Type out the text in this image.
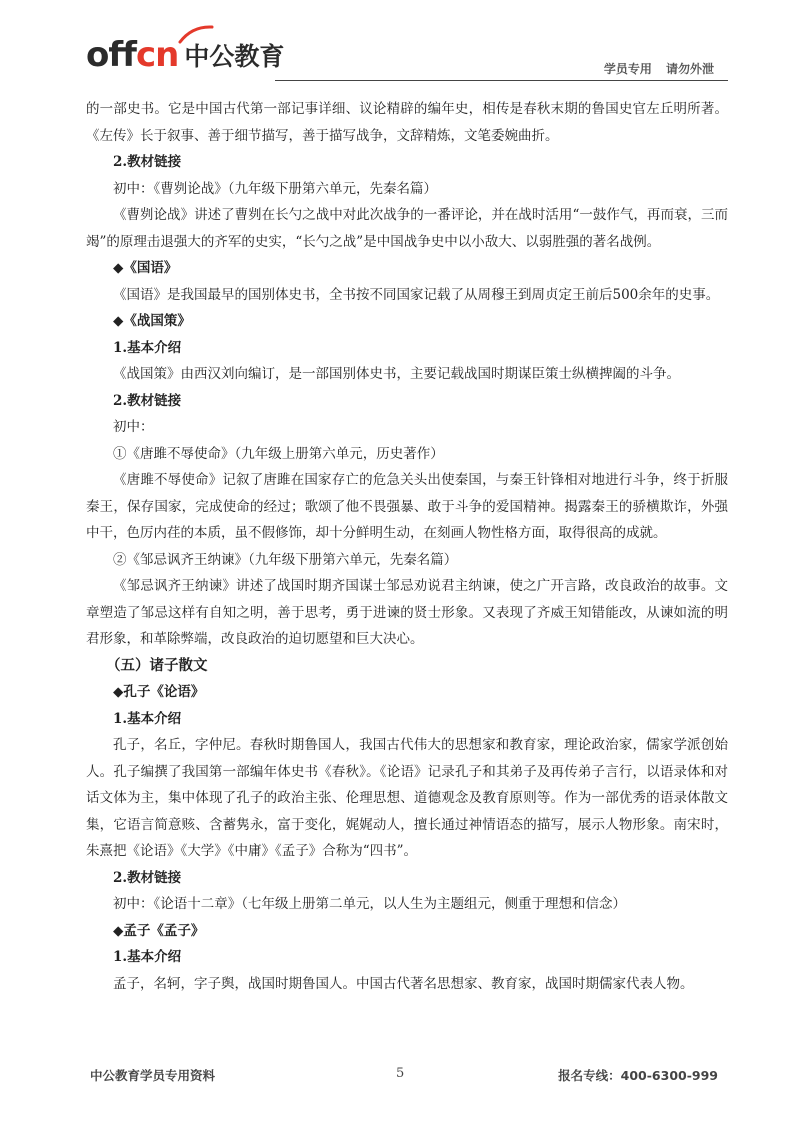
offcn 中公教育	学员专用 请勿外泄

的一部史书。它是中国古代第一部记事详细、议论精辟的编年史，相传是春秋末期的鲁国史官左丘明所著。《左传》长于叙事、善于细节描写，善于描写战争，文辞精炼，文笔委婉曲折。

2.教材链接

初中：《曹刿论战》（九年级下册第六单元，先秦名篇）

《曹刿论战》讲述了曹刿在长勺之战中对此次战争的一番评论，并在战时活用“一鼓作气，再而衰，三而竭”的原理击退强大的齐军的史实，“长勺之战”是中国战争史中以小敌大、以弱胜强的著名战例。

◆《国语》

《国语》是我国最早的国别体史书，全书按不同国家记载了从周穆王到周贞定王前后500余年的史事。

◆《战国策》

1.基本介绍

《战国策》由西汉刘向编订，是一部国别体史书，主要记载战国时期谋臣策士纵横捭阖的斗争。

2.教材链接

初中：

①《唐雎不辱使命》（九年级上册第六单元，历史著作）

《唐雎不辱使命》记叙了唐雎在国家存亡的危急关头出使秦国，与秦王针锋相对地进行斗争，终于折服秦王，保存国家，完成使命的经过；歌颂了他不畏强暴、敢于斗争的爱国精神。揭露秦王的骄横欺诈，外强中干，色厉内荏的本质，虽不假修饰，却十分鲜明生动，在刻画人物性格方面，取得很高的成就。

②《邹忌讽齐王纳谏》（九年级下册第六单元，先秦名篇）

《邹忌讽齐王纳谏》讲述了战国时期齐国谋士邹忌劝说君主纳谏，使之广开言路，改良政治的故事。文章塑造了邹忌这样有自知之明，善于思考，勇于进谏的贤士形象。又表现了齐威王知错能改，从谏如流的明君形象，和革除弊端，改良政治的迫切愿望和巨大决心。

（五）诸子散文

◆孔子《论语》

1.基本介绍

孔子，名丘，字仲尼。春秋时期鲁国人，我国古代伟大的思想家和教育家，理论政治家，儒家学派创始人。孔子编撰了我国第一部编年体史书《春秋》。《论语》记录孔子和其弟子及再传弟子言行，以语录体和对话文体为主，集中体现了孔子的政治主张、伦理思想、道德观念及教育原则等。作为一部优秀的语录体散文集，它语言简意赅、含蓄隽永，富于变化，娓娓动人，擅长通过神情语态的描写，展示人物形象。南宋时，朱熹把《论语》《大学》《中庸》《孟子》合称为“四书”。

2.教材链接

初中：《论语十二章》（七年级上册第二单元，以人生为主题组元，侧重于理想和信念）

◆孟子《孟子》

1.基本介绍

孟子，名轲，字子舆，战国时期鲁国人。中国古代著名思想家、教育家，战国时期儒家代表人物。

中公教育学员专用资料	5	报名专线：400-6300-999
